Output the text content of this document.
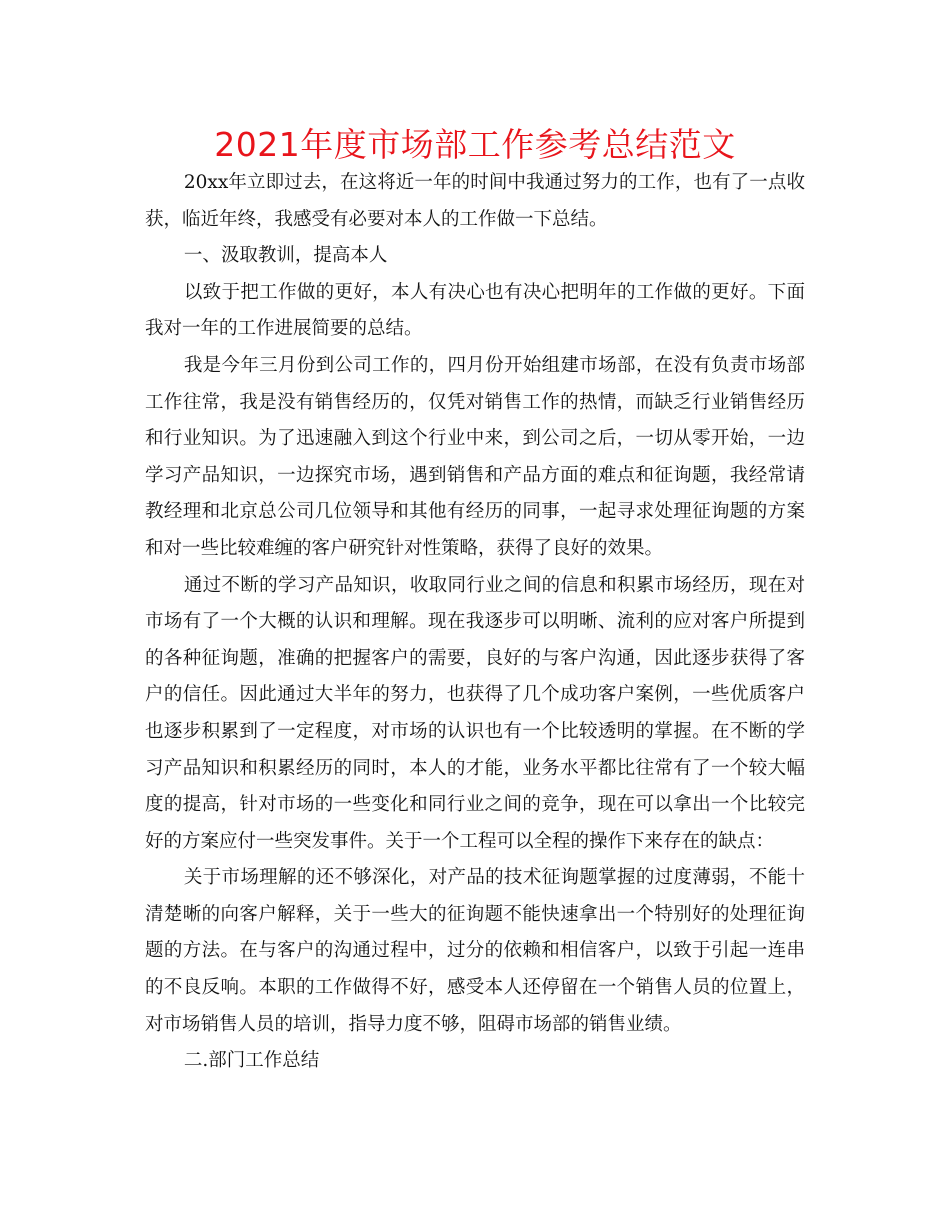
2021年度市场部工作参考总结范文

20xx年立即过去，在这将近一年的时间中我通过努力的工作，也有了一点收获，临近年终，我感受有必要对本人的工作做一下总结。

一、汲取教训，提高本人

以致于把工作做的更好，本人有决心也有决心把明年的工作做的更好。下面我对一年的工作进展简要的总结。

我是今年三月份到公司工作的，四月份开始组建市场部，在没有负责市场部工作往常，我是没有销售经历的，仅凭对销售工作的热情，而缺乏行业销售经历和行业知识。为了迅速融入到这个行业中来，到公司之后，一切从零开始，一边学习产品知识，一边探究市场，遇到销售和产品方面的难点和征询题，我经常请教经理和北京总公司几位领导和其他有经历的同事，一起寻求处理征询题的方案和对一些比较难缠的客户研究针对性策略，获得了良好的效果。

通过不断的学习产品知识，收取同行业之间的信息和积累市场经历，现在对市场有了一个大概的认识和理解。现在我逐步可以明晰、流利的应对客户所提到的各种征询题，准确的把握客户的需要，良好的与客户沟通，因此逐步获得了客户的信任。因此通过大半年的努力，也获得了几个成功客户案例，一些优质客户也逐步积累到了一定程度，对市场的认识也有一个比较透明的掌握。在不断的学习产品知识和积累经历的同时，本人的才能，业务水平都比往常有了一个较大幅度的提高，针对市场的一些变化和同行业之间的竞争，现在可以拿出一个比较完好的方案应付一些突发事件。关于一个工程可以全程的操作下来存在的缺点：

关于市场理解的还不够深化，对产品的技术征询题掌握的过度薄弱，不能十清楚晰的向客户解释，关于一些大的征询题不能快速拿出一个特别好的处理征询题的方法。在与客户的沟通过程中，过分的依赖和相信客户，以致于引起一连串的不良反响。本职的工作做得不好，感受本人还停留在一个销售人员的位置上，对市场销售人员的培训，指导力度不够，阻碍市场部的销售业绩。

二.部门工作总结
